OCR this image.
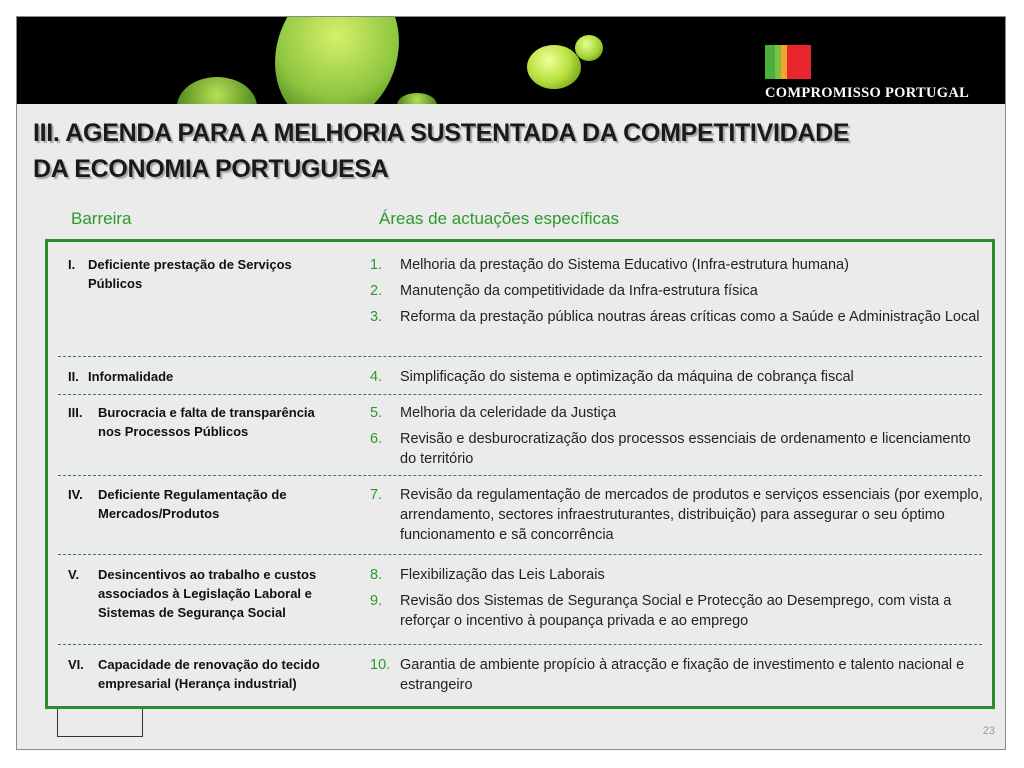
COMPROMISSO PORTUGAL
III. AGENDA PARA A MELHORIA SUSTENTADA DA COMPETITIVIDADE
DA ECONOMIA PORTUGUESA
Barreira	Áreas de actuações específicas
I. Deficiente prestação de Serviços Públicos
1.	Melhoria da prestação do Sistema Educativo (Infra-estrutura humana)
2.	Manutenção da competitividade da Infra-estrutura física
3.	Reforma da prestação pública noutras áreas críticas como a Saúde e Administração Local
II. Informalidade	4.	Simplificação do sistema e optimização da máquina de cobrança fiscal
III.	Burocracia e falta de transparência nos Processos Públicos
5.	Melhoria da celeridade da Justiça
6.	Revisão e desburocratização dos processos essenciais de ordenamento e licenciamento do território
IV.	Deficiente Regulamentação de Mercados/Produtos
7.	Revisão da regulamentação de mercados de produtos e serviços essenciais (por exemplo, arrendamento, sectores infraestruturantes, distribuição) para assegurar o seu óptimo funcionamento e sã concorrência
V.	Desincentivos ao trabalho e custos associados à Legislação Laboral e Sistemas de Segurança Social
8.	Flexibilização das Leis Laborais
9.	Revisão dos Sistemas de Segurança Social e Protecção ao Desemprego, com vista a reforçar o incentivo à poupança privada e ao emprego
VI.	Capacidade de renovação do tecido empresarial (Herança industrial)
10. Garantia de ambiente propício à atracção e fixação de investimento e talento nacional e estrangeiro
23
